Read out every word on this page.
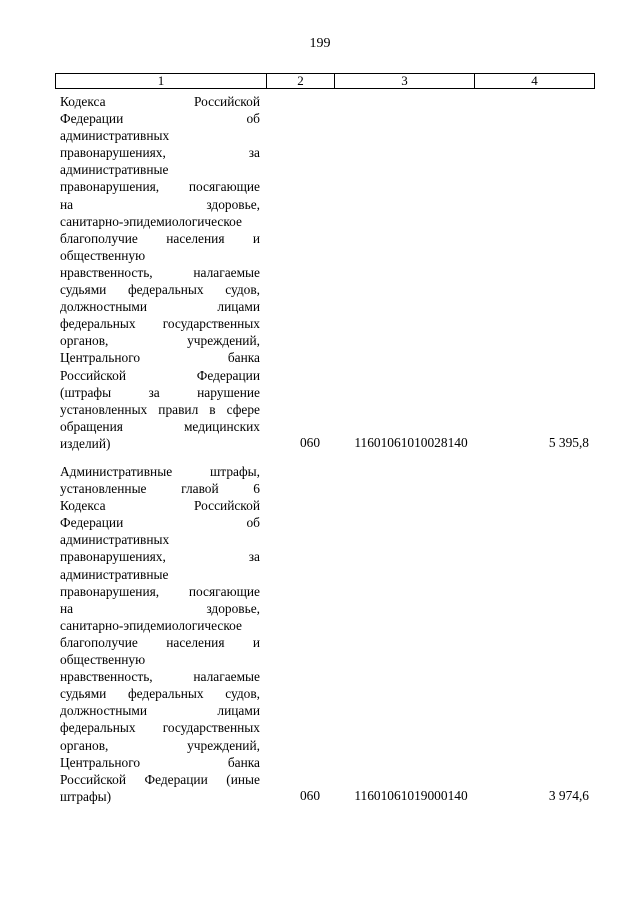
199
1	2	3	4
Кодекса Российской
Федерации об
административных
правонарушениях, за
административные
правонарушения, посягающие
на здоровье,
санитарно-эпидемиологическое
благополучие населения и
общественную
нравственность, налагаемые
судьями федеральных судов,
должностными лицами
федеральных государственных
органов, учреждений,
Центрального банка
Российской Федерации
(штрафы за нарушение
установленных правил в сфере
обращения медицинских
изделий)	060	11601061010028140	5 395,8
Административные штрафы,
установленные главой 6
Кодекса Российской
Федерации об
административных
правонарушениях, за
административные
правонарушения, посягающие
на здоровье,
санитарно-эпидемиологическое
благополучие населения и
общественную
нравственность, налагаемые
судьями федеральных судов,
должностными лицами
федеральных государственных
органов, учреждений,
Центрального банка
Российской Федерации (иные
штрафы)	060	11601061019000140	3 974,6
